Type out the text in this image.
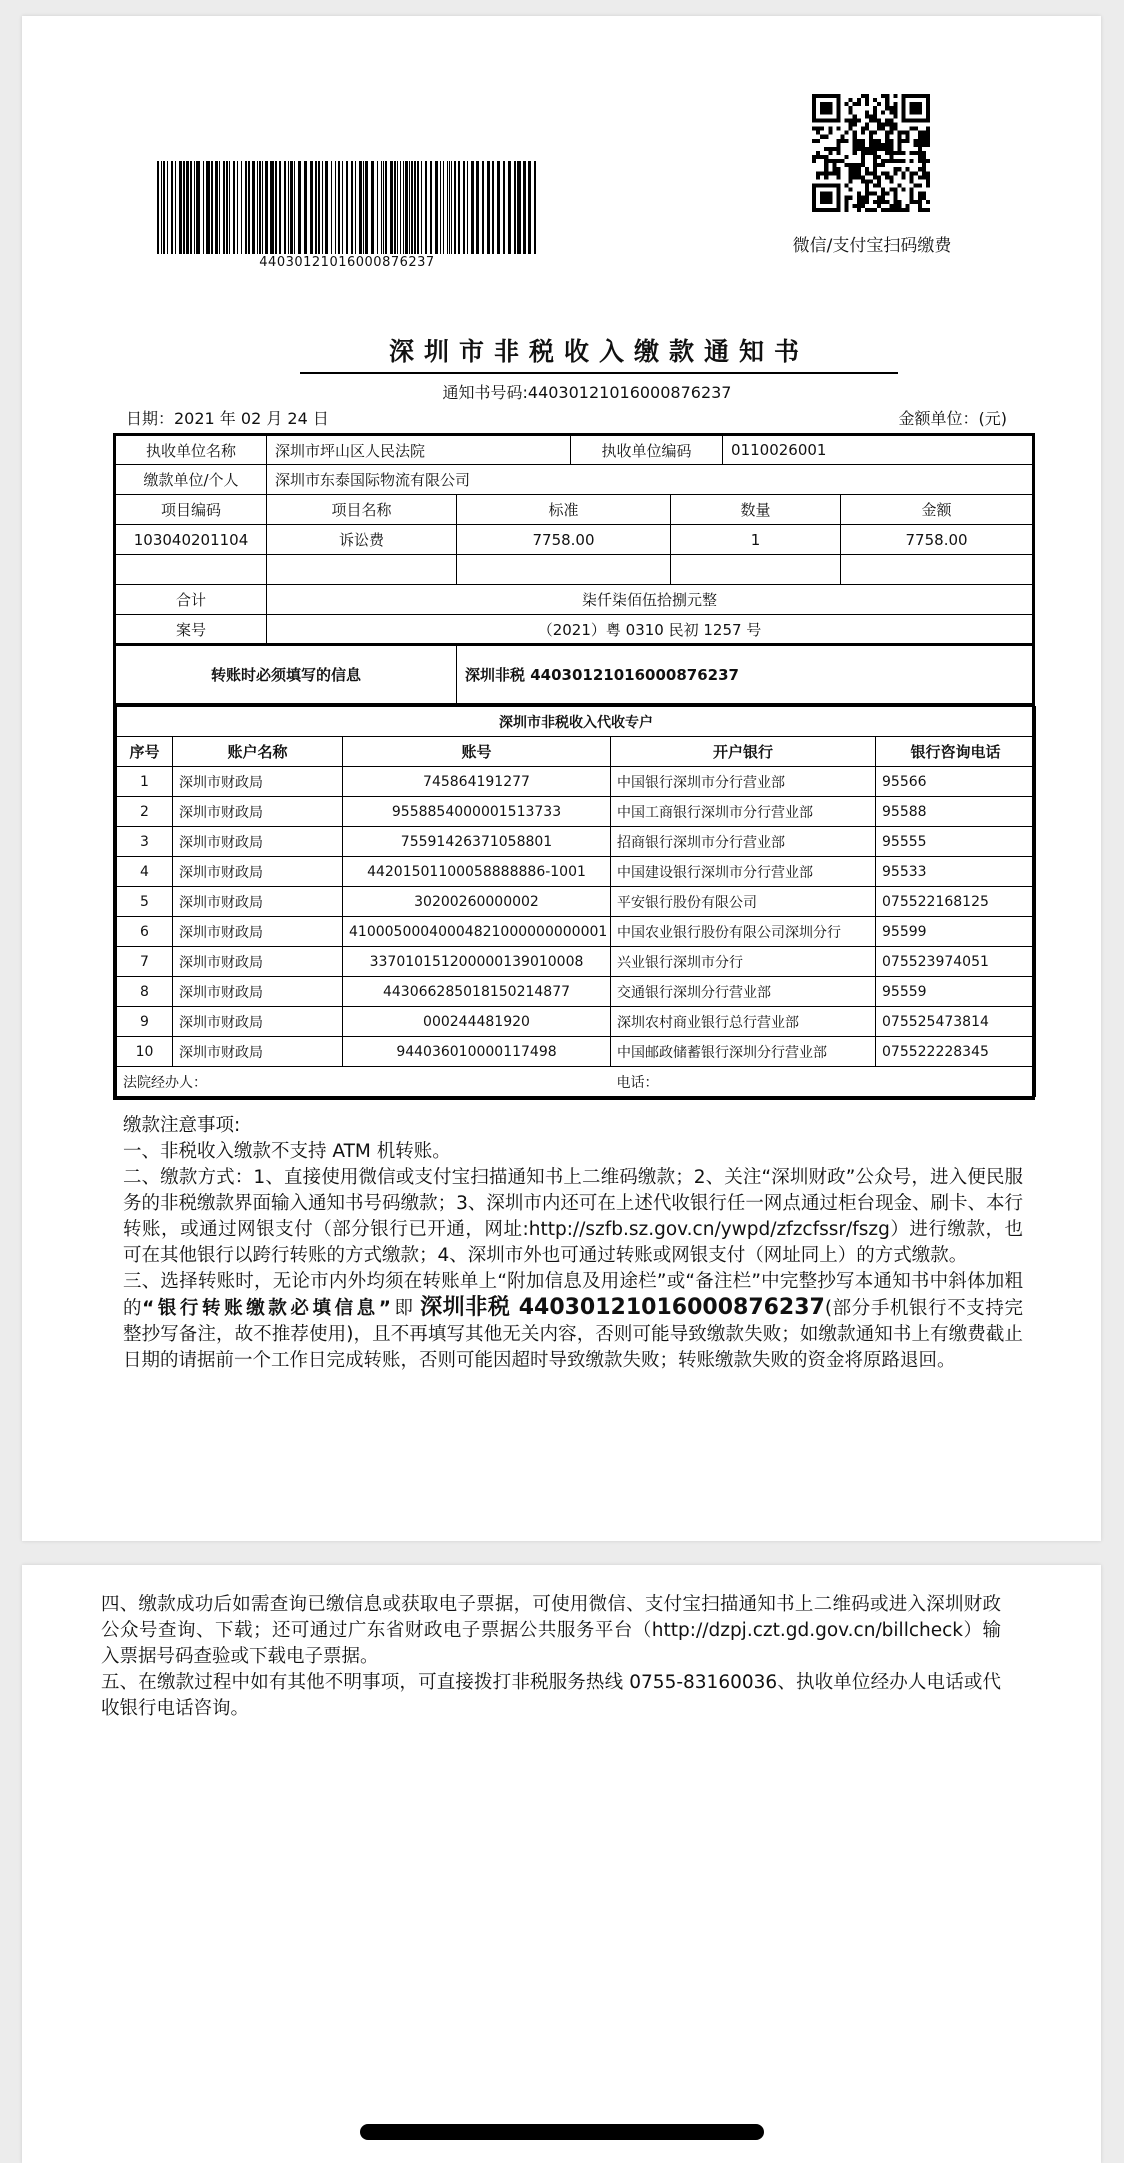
440301210160008762​37
微信/支付宝扫码缴费
深圳市非税收入缴款通知书
通知书号码:440301210160008762​37
日期：2021 年 02 月 24 日	金额单位：(元)
执收单位名称	深圳市坪山区人民法院	执收单位编码	0110026001
缴款单位/个人	深圳市东泰国际物流有限公司
项目编码	项目名称	标准	数量	金额
103040201104	诉讼费	7758.00	1	7758.00

合计	柒仟柒佰伍拾捌元整
案号	（2021）粤 0310 民初 1257 号
转账时必须填写的信息	深圳非税 440301210160008762​37

深圳市非税收入代收专户
序号	账户名称	账号	开户银行	银行咨询电话
1	深圳市财政局	745864191277	中国银行深圳市分行营业部	95566
2	深圳市财政局	9558854000001513733	中国工商银行深圳市分行营业部	95588
3	深圳市财政局	75591426371058801	招商银行深圳市分行营业部	95555
4	深圳市财政局	44201501100058888886-1001	中国建设银行深圳市分行营业部	95533
5	深圳市财政局	30200260000002	平安银行股份有限公司	075522168125
6	深圳市财政局	41000500040004821000000000001	中国农业银行股份有限公司深圳分行	95599
7	深圳市财政局	337010151200000139010008	兴业银行深圳市分行	075523974051
8	深圳市财政局	443066285018150214877	交通银行深圳分行营业部	95559
9	深圳市财政局	000244481920	深圳农村商业银行总行营业部	075525473814
10	深圳市财政局	944036010000117498	中国邮政储蓄银行深圳分行营业部	075522228345
法院经办人：	电话：
缴款注意事项:
一、非税收入缴款不支持 ATM 机转账。
二、缴款方式：1、直接使用微信或支付宝扫描通知书上二维码缴款；2、关注“深圳财政”公众号，进入便民服务的非税缴款界面输入通知书号码缴款；3、深圳市内还可在上述代收银行任一网点通过柜台现金、刷卡、本行转账，或通过网银支付（部分银行已开通，网址:http://szfb.sz.gov.cn/ywpd/zfzcfssr/fszg）进行缴款，也可在其他银行以跨行转账的方式缴款；4、深圳市外也可通过转账或网银支付（网址同上）的方式缴款。
三、选择转账时，无论市内外均须在转账单上“附加信息及用途栏”或“备注栏”中完整抄写本通知书中斜体加粗的“银行转账缴款必填信息”即 深圳非税 440301210160008762​37(部分手机银行不支持完整抄写备注，故不推荐使用)，且不再填写其他无关内容，否则可能导致缴款失败；如缴款通知书上有缴费截止日期的请据前一个工作日完成转账，否则可能因超时导致缴款失败；转账缴款失败的资金将原路退回。
四、缴款成功后如需查询已缴信息或获取电子票据，可使用微信、支付宝扫描通知书上二维码或进入深圳财政公众号查询、下载；还可通过广东省财政电子票据公共服务平台（http://dzpj.czt.gd.gov.cn/billcheck）输入票据号码查验或下载电子票据。
五、在缴款过程中如有其他不明事项，可直接拨打非税服务热线 0755-83160036、执收单位经办人电话或代收银行电话咨询。
